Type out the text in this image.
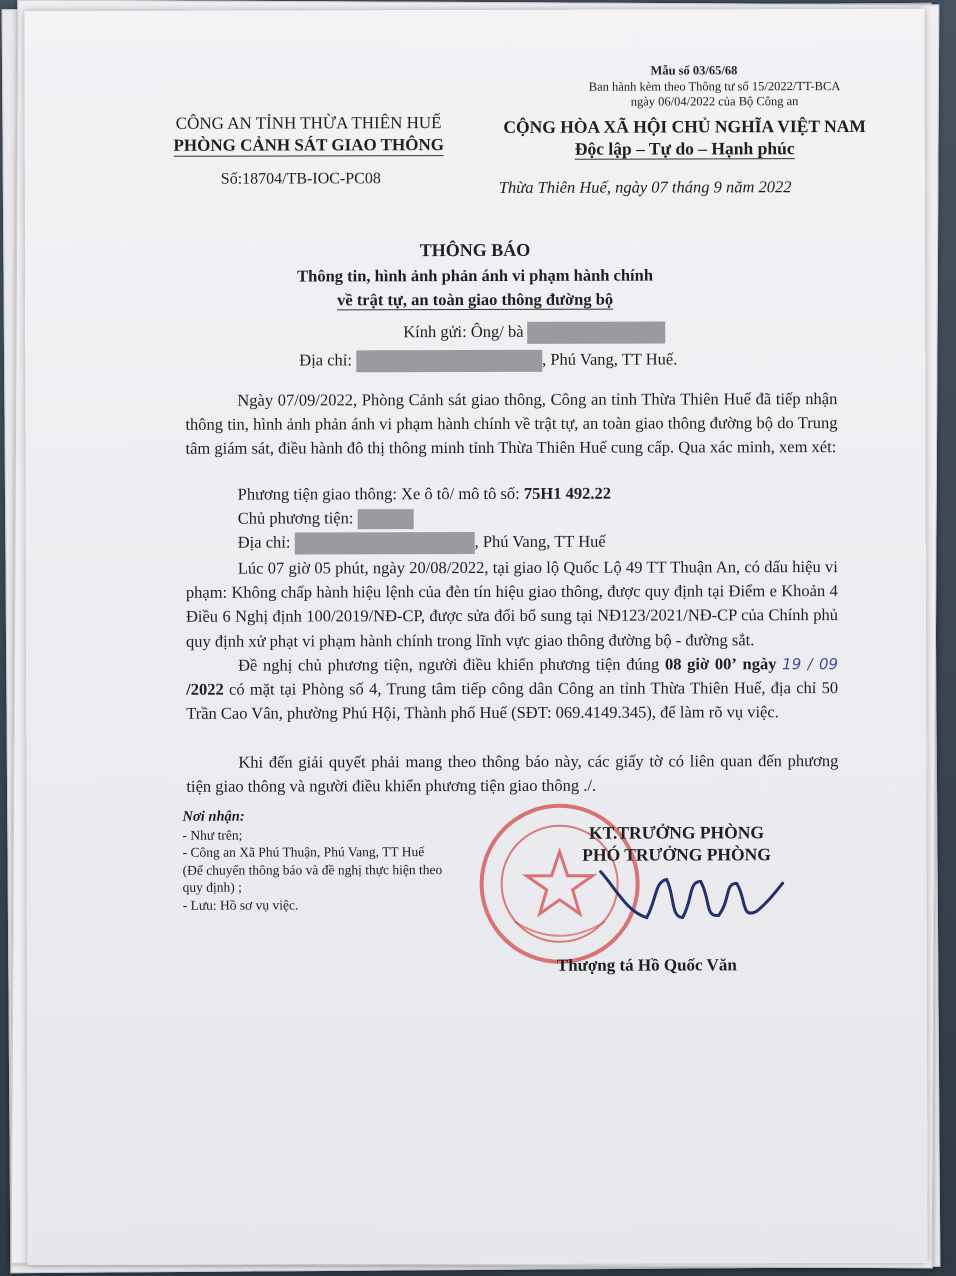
Mẫu số 03/65/68
Ban hành kèm theo Thông tư số 15/2022/TT-BCA
ngày 06/04/2022 của Bộ Công an
CÔNG AN TỈNH THỪA THIÊN HUẾ
PHÒNG CẢNH SÁT GIAO THÔNG
CỘNG HÒA XÃ HỘI CHỦ NGHĨA VIỆT NAM
Độc lập – Tự do – Hạnh phúc
Số:18704/TB-IOC-PC08	Thừa Thiên Huế, ngày 07 tháng 9 năm 2022
THÔNG BÁO
Thông tin, hình ảnh phản ánh vi phạm hành chính
về trật tự, an toàn giao thông đường bộ
Kính gửi: Ông/ bà
Địa chỉ:	, Phú Vang, TT Huế.
Ngày 07/09/2022, Phòng Cảnh sát giao thông, Công an tỉnh Thừa Thiên Huế đã tiếp nhận thông tin, hình ảnh phản ánh vi phạm hành chính về trật tự, an toàn giao thông đường bộ do Trung tâm giám sát, điều hành đô thị thông minh tỉnh Thừa Thiên Huế cung cấp. Qua xác minh, xem xét:
Phương tiện giao thông: Xe ô tô/ mô tô số: 75H1 492.22
Chủ phương tiện:
Địa chỉ:	, Phú Vang, TT Huế
Lúc 07 giờ 05 phút, ngày 20/08/2022, tại giao lộ Quốc Lộ 49 TT Thuận An, có dấu hiệu vi phạm: Không chấp hành hiệu lệnh của đèn tín hiệu giao thông, được quy định tại Điểm e Khoản 4 Điều 6 Nghị định 100/2019/NĐ-CP, được sửa đổi bổ sung tại NĐ123/2021/NĐ-CP của Chính phủ quy định xử phạt vi phạm hành chính trong lĩnh vực giao thông đường bộ - đường sắt.
Đề nghị chủ phương tiện, người điều khiển phương tiện đúng 08 giờ 00’ ngày 19 / 09 /2022 có mặt tại Phòng số 4, Trung tâm tiếp công dân Công an tỉnh Thừa Thiên Huế, địa chỉ 50 Trần Cao Vân, phường Phú Hội, Thành phố Huế (SĐT: 069.4149.345), để làm rõ vụ việc.
Khi đến giải quyết phải mang theo thông báo này, các giấy tờ có liên quan đến phương tiện giao thông và người điều khiển phương tiện giao thông ./.
Nơi nhận:
- Như trên;
- Công an Xã Phú Thuận, Phú Vang, TT Huế
(Để chuyển thông báo và đề nghị thực hiện theo
quy định) ;
- Lưu: Hồ sơ vụ việc.
KT.TRƯỞNG PHÒNG
PHÓ TRƯỞNG PHÒNG
Thượng tá Hồ Quốc Văn
